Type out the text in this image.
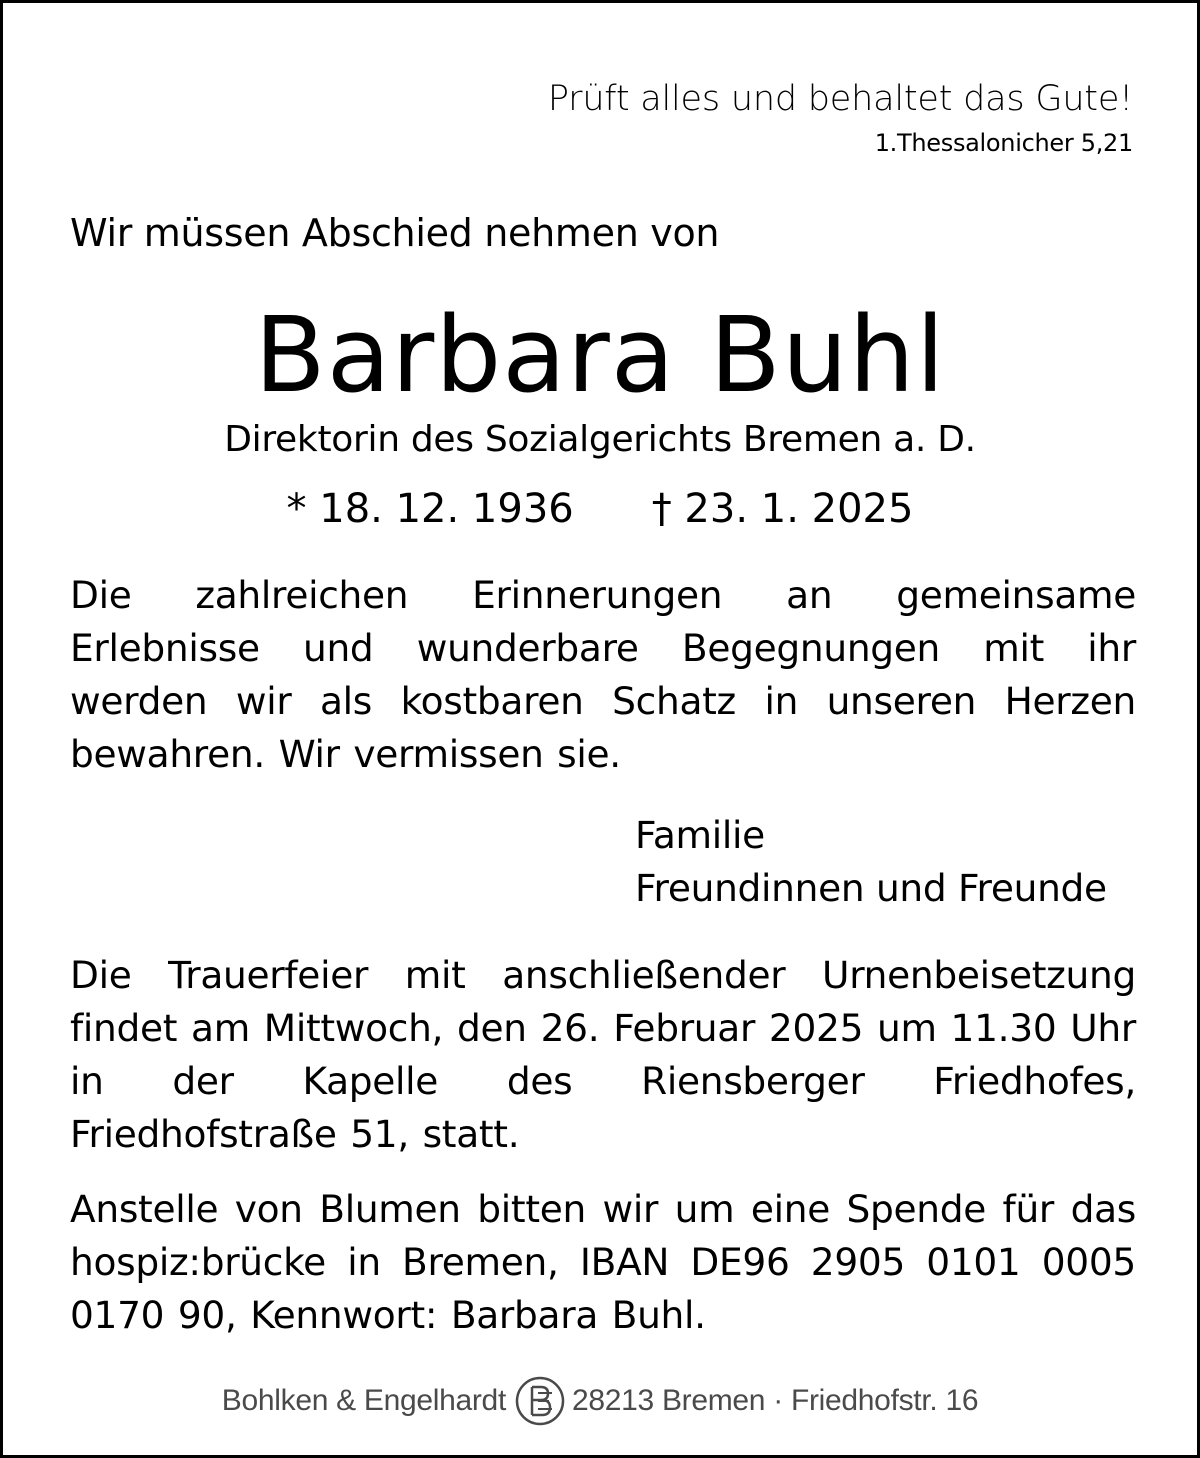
Prüft alles und behaltet das Gute!
1.Thessalonicher 5,21
Wir müssen Abschied nehmen von
Barbara Buhl
Direktorin des Sozialgerichts Bremen a. D.
* 18. 12. 1936 † 23. 1. 2025
Die zahlreichen Erinnerungen an gemeinsame Erlebnisse und wunderbare Begegnungen mit ihr werden wir als kostbaren Schatz in unseren Herzen bewahren. Wir vermissen sie.
Familie
Freundinnen und Freunde
Die Trauerfeier mit anschließender Urnenbeisetzung findet am Mittwoch, den 26. Februar 2025 um 11.30 Uhr in der Kapelle des Riensberger Friedhofes, Friedhofstraße 51, statt.
Anstelle von Blumen bitten wir um eine Spende für das hospiz:brücke in Bremen, IBAN DE96 2905 0101 0005 0170 90, Kennwort: Barbara Buhl.
Bohlken & Engelhardt 28213 Bremen · Friedhofstr. 16
